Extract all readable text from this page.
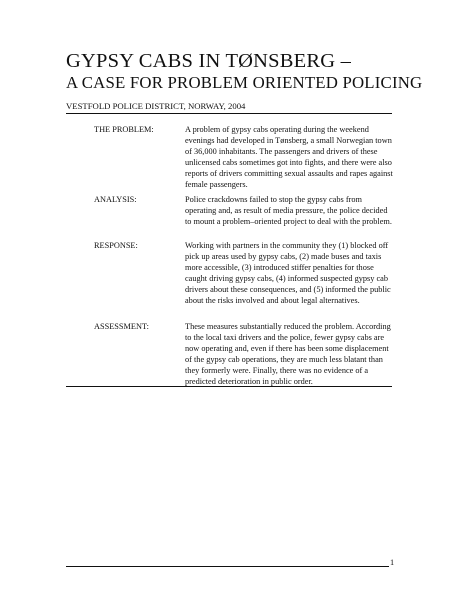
GYPSY CABS IN TØNSBERG –
A CASE FOR PROBLEM ORIENTED POLICING
VESTFOLD POLICE DISTRICT, NORWAY, 2004
THE PROBLEM:	A problem of gypsy cabs operating during the weekend evenings had developed in Tønsberg, a small Norwegian town of 36,000 inhabitants. The passengers and drivers of these unlicensed cabs sometimes got into fights, and there were also reports of drivers committing sexual assaults and rapes against female passengers.
ANALYSIS:	Police crackdowns failed to stop the gypsy cabs from operating and, as result of media pressure, the police decided to mount a problem–oriented project to deal with the problem.
RESPONSE:	Working with partners in the community they (1) blocked off pick up areas used by gypsy cabs, (2) made buses and taxis more accessible, (3) introduced stiffer penalties for those caught driving gypsy cabs, (4) informed suspected gypsy cab drivers about these consequences, and (5) informed the public about the risks involved and about legal alternatives.
ASSESSMENT:	These measures substantially reduced the problem. According to the local taxi drivers and the police, fewer gypsy cabs are now operating and, even if there has been some displacement of the gypsy cab operations, they are much less blatant than they formerly were. Finally, there was no evidence of a predicted deterioration in public order.
1
